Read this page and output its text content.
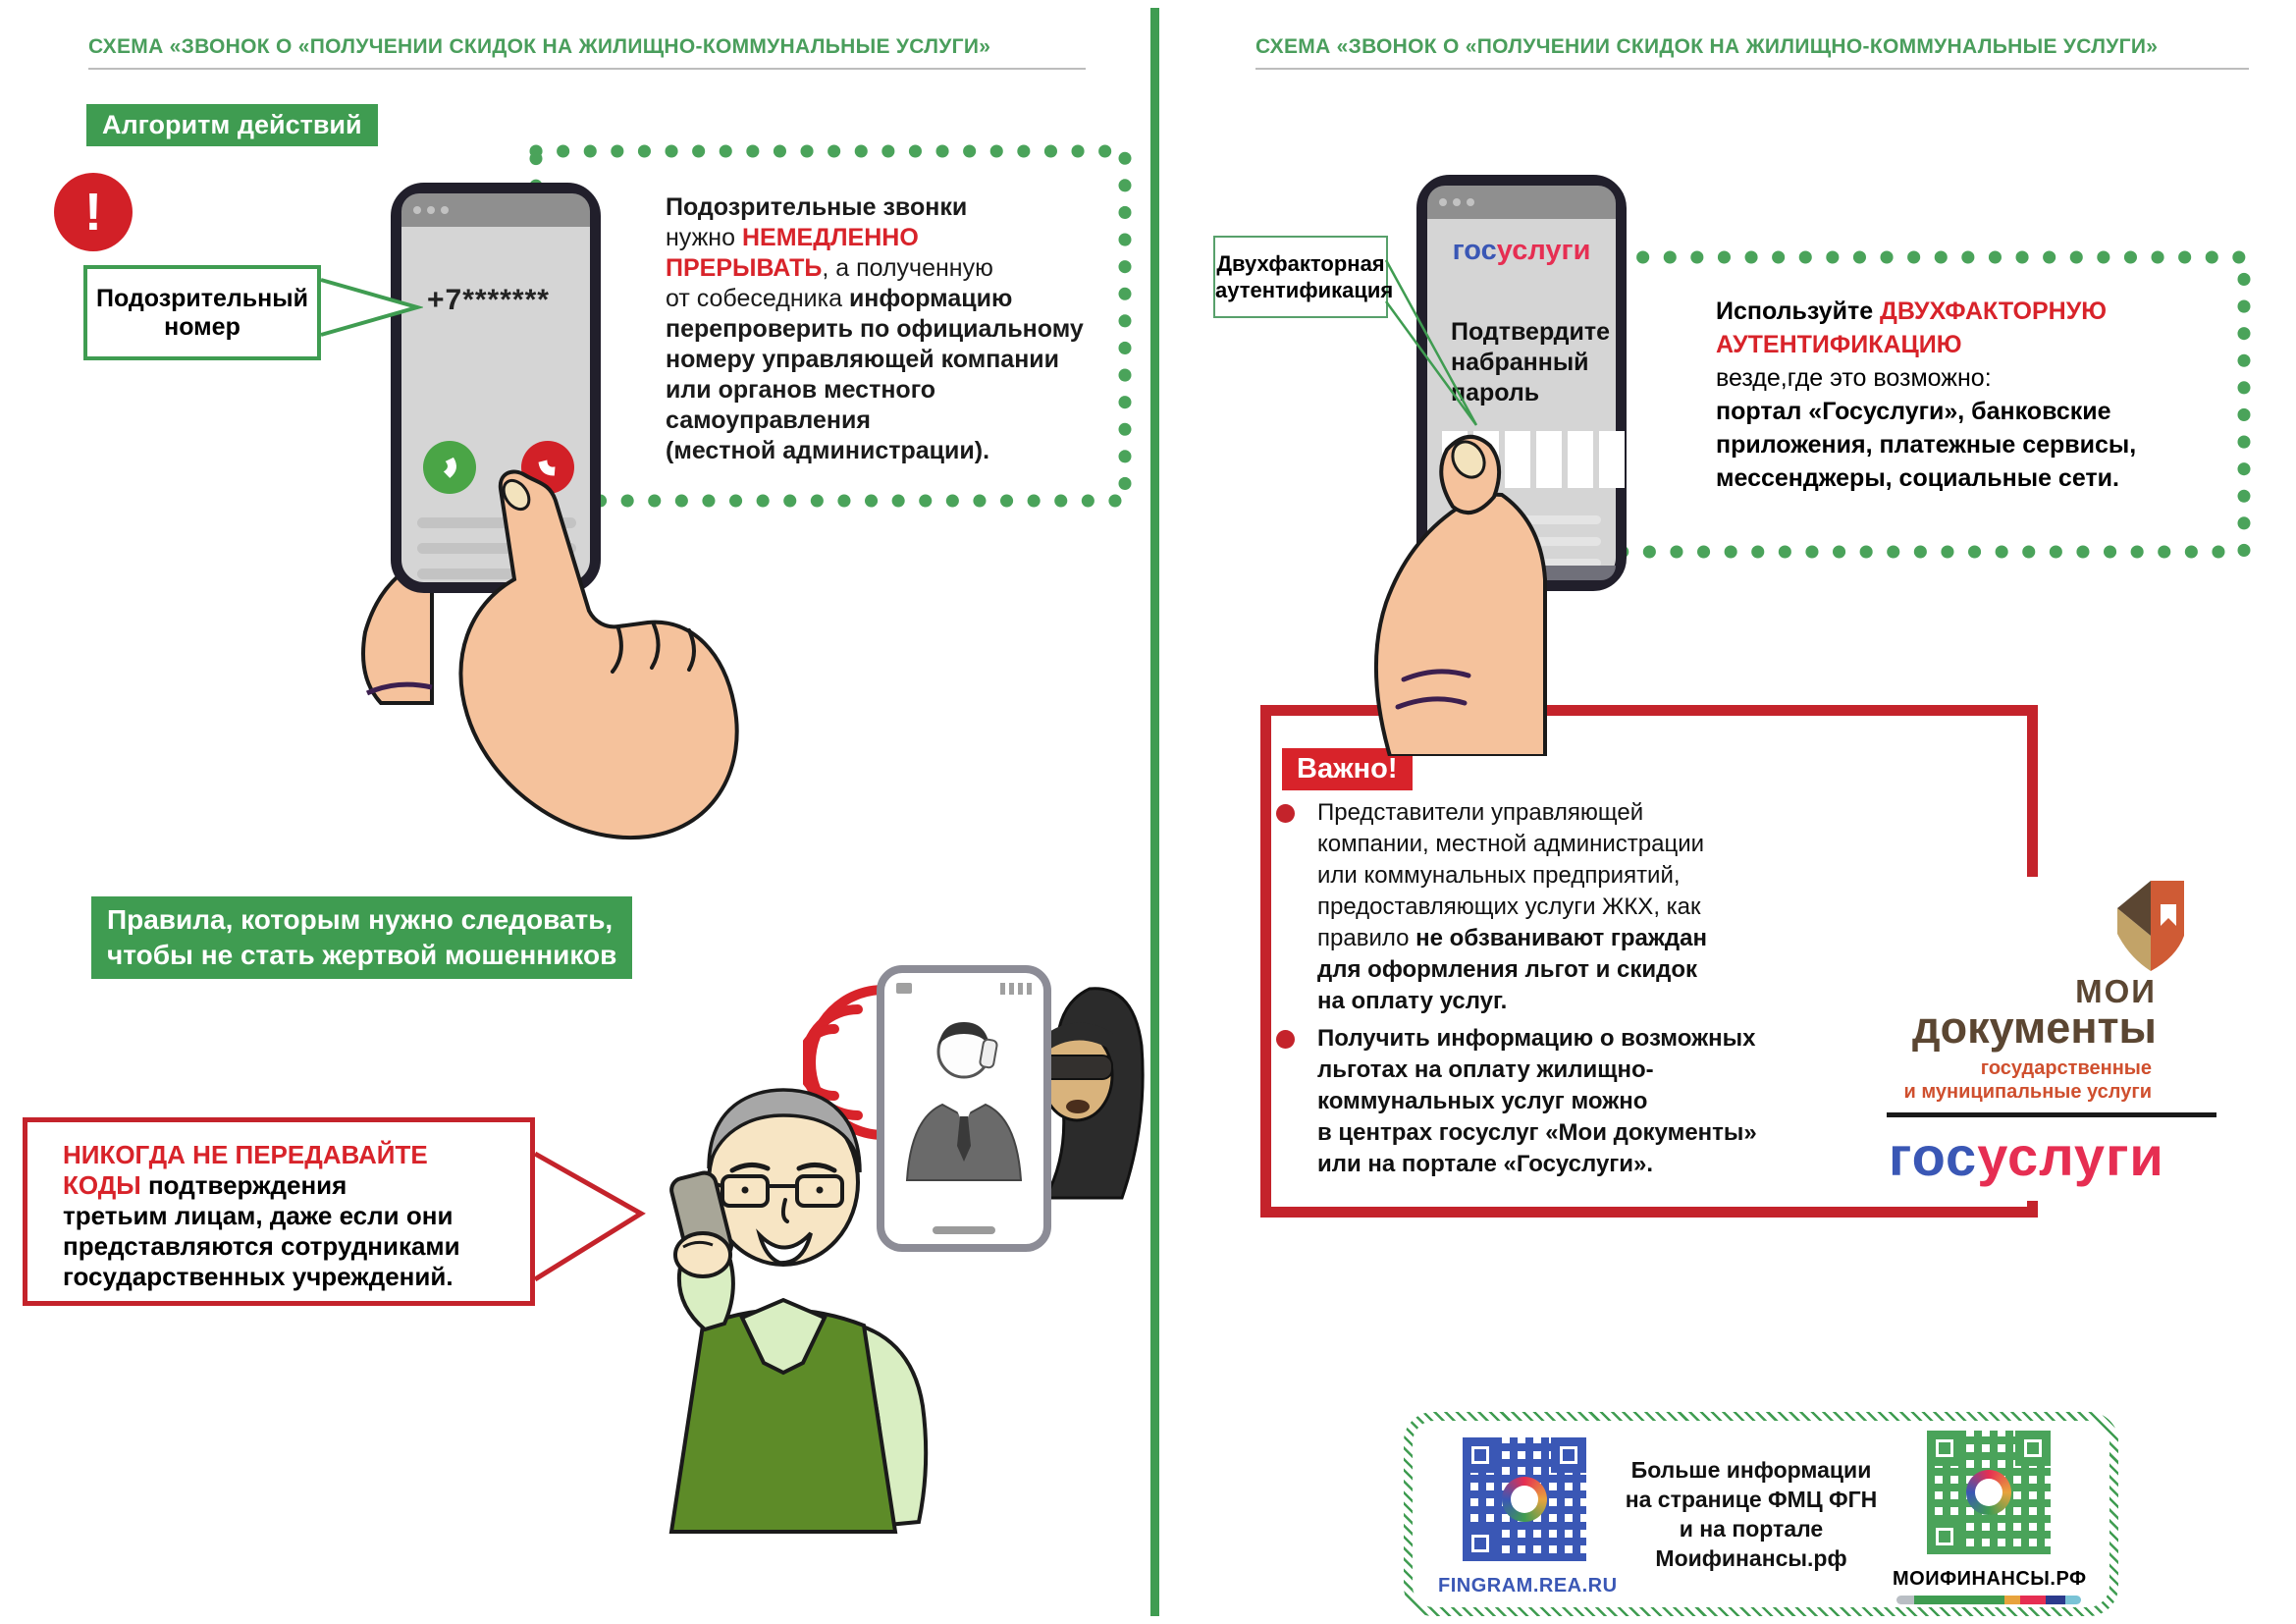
СХЕМА «ЗВОНОК О «ПОЛУЧЕНИИ СКИДОК НА ЖИЛИЩНО-КОММУНАЛЬНЫЕ УСЛУГИ»
Алгоритм действий
!	Подозрительные звонки
нужно НЕМЕДЛЕННО
ПРЕРЫВАТЬ, а полученную
от собеседника информацию
перепроверить по официальному
номеру управляющей компании
или органов местного
самоуправления
(местной администрации).
Подозрительный
номер
+7*******
Правила, которым нужно следовать,
чтобы не стать жертвой мошенников
НИКОГДА НЕ ПЕРЕДАВАЙТЕ
КОДЫ подтверждения
третьим лицам, даже если они
представляются сотрудниками
государственных учреждений.
СХЕМА «ЗВОНОК О «ПОЛУЧЕНИИ СКИДОК НА ЖИЛИЩНО-КОММУНАЛЬНЫЕ УСЛУГИ»
Используйте ДВУХФАКТОРНУЮ
АУТЕНТИФИКАЦИЮ
везде,где это возможно:
портал «Госуслуги», банковские
приложения, платежные сервисы,
мессенджеры, социальные сети.
госуслуги
Подтвердите
набранный
пароль
Двухфакторная
аутентификация
Важно!
Представители управляющей
компании, местной администрации
или коммунальных предприятий,
предоставляющих услуги ЖКХ, как
правило не обзванивают граждан
для оформления льгот и скидок
на оплату услуг.
Получить информацию о возможных
льготах на оплату жилищно-
коммунальных услуг можно
в центрах госуслуг «Мои документы»
или на портале «Госуслуги».
МОИ
документы
государственные
и муниципальные услуги
госуслуги
FINGRAM.REA.RU
Больше информации
на странице ФМЦ ФГН
и на портале
Моифинансы.рф
МОИФИНАНСЫ.РФ
